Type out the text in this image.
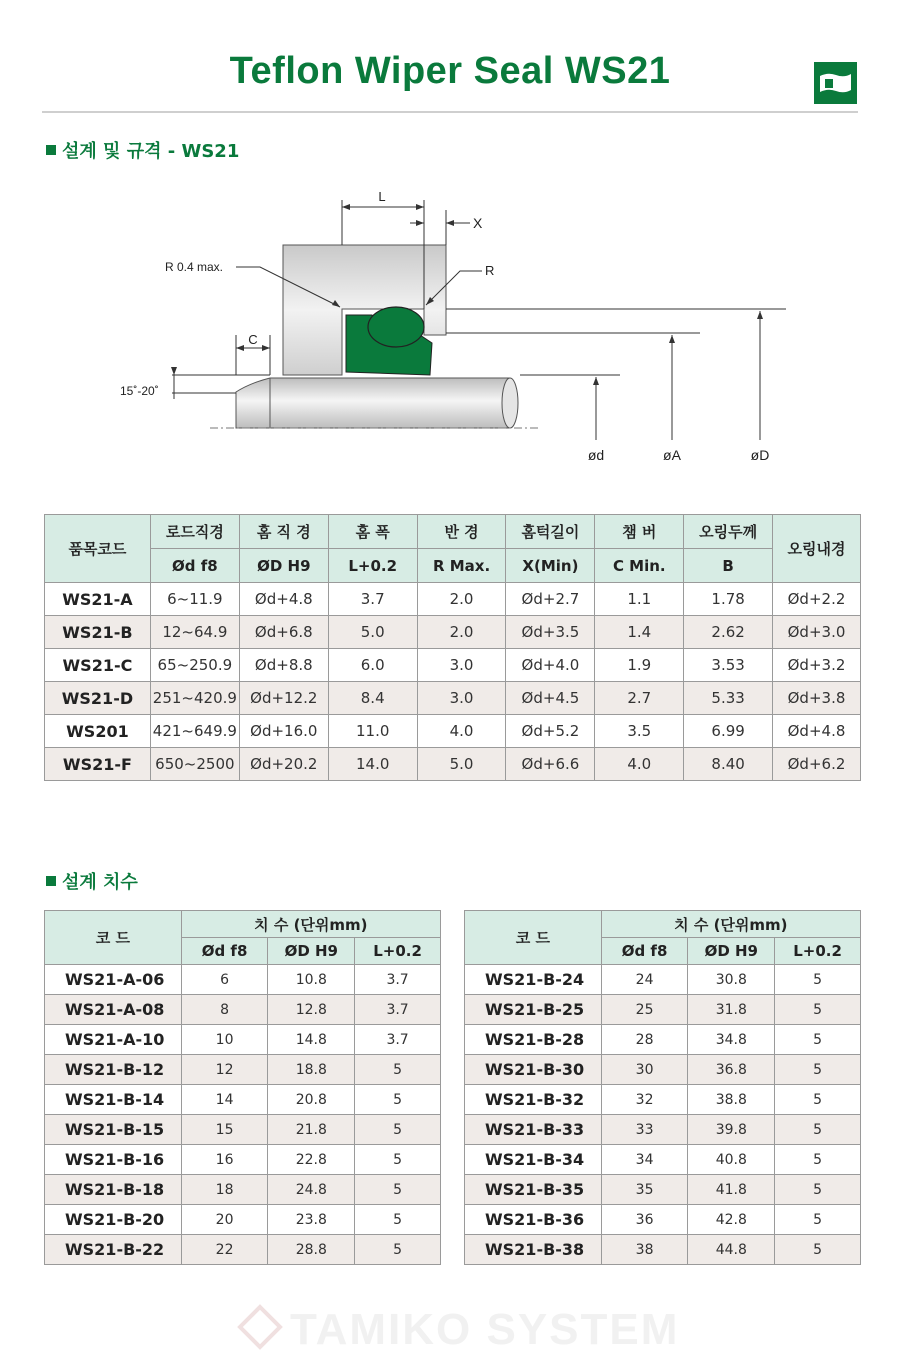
Teflon Wiper Seal WS21
설계 및 규격 - WS21
L
X
R
R 0.4 max.
C
15˚-20˚
ød	øA	øD
품목코드	로드직경	홈 직 경	홈 폭	반 경	홈턱길이	챔 버	오링두께	오링내경
	Ød f8	ØD H9	L+0.2	R Max.	X(Min)	C Min.	B	
WS21-A	6~11.9	Ød+4.8	3.7	2.0	Ød+2.7	1.1	1.78	Ød+2.2
WS21-B	12~64.9	Ød+6.8	5.0	2.0	Ød+3.5	1.4	2.62	Ød+3.0
WS21-C	65~250.9	Ød+8.8	6.0	3.0	Ød+4.0	1.9	3.53	Ød+3.2
WS21-D	251~420.9	Ød+12.2	8.4	3.0	Ød+4.5	2.7	5.33	Ød+3.8
WS201	421~649.9	Ød+16.0	11.0	4.0	Ød+5.2	3.5	6.99	Ød+4.8
WS21-F	650~2500	Ød+20.2	14.0	5.0	Ød+6.6	4.0	8.40	Ød+6.2
설계 치수
코 드	치 수 (단위mm)		
	Ød f8	ØD H9	L+0.2
WS21-A-06	6	10.8	3.7
WS21-A-08	8	12.8	3.7
WS21-A-10	10	14.8	3.7
WS21-B-12	12	18.8	5
WS21-B-14	14	20.8	5
WS21-B-15	15	21.8	5
WS21-B-16	16	22.8	5
WS21-B-18	18	24.8	5
WS21-B-20	20	23.8	5
WS21-B-22	22	28.8	5
코 드	치 수 (단위mm)		
	Ød f8	ØD H9	L+0.2
WS21-B-24	24	30.8	5
WS21-B-25	25	31.8	5
WS21-B-28	28	34.8	5
WS21-B-30	30	36.8	5
WS21-B-32	32	38.8	5
WS21-B-33	33	39.8	5
WS21-B-34	34	40.8	5
WS21-B-35	35	41.8	5
WS21-B-36	36	42.8	5
WS21-B-38	38	44.8	5
TAMIKO SYSTEM
